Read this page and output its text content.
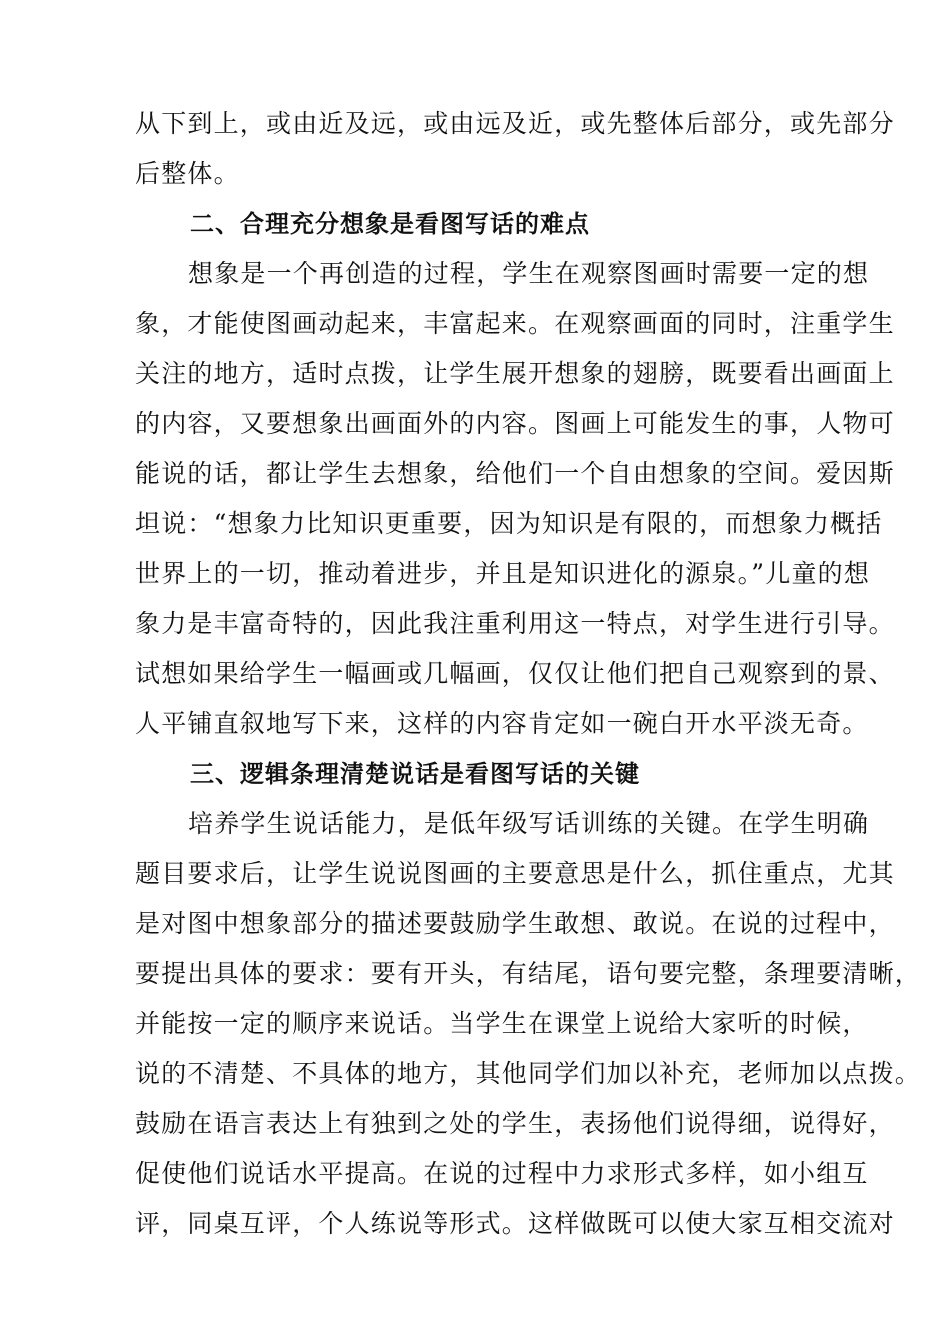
从下到上，或由近及远，或由远及近，或先整体后部分，或先部分
后整体。
二、合理充分想象是看图写话的难点
想象是一个再创造的过程，学生在观察图画时需要一定的想
象，才能使图画动起来，丰富起来。在观察画面的同时，注重学生
关注的地方，适时点拨，让学生展开想象的翅膀，既要看出画面上
的内容，又要想象出画面外的内容。图画上可能发生的事，人物可
能说的话，都让学生去想象，给他们一个自由想象的空间。爱因斯
坦说：“想象力比知识更重要，因为知识是有限的，而想象力概括
世界上的一切，推动着进步，并且是知识进化的源泉。”儿童的想
象力是丰富奇特的，因此我注重利用这一特点，对学生进行引导。
试想如果给学生一幅画或几幅画，仅仅让他们把自己观察到的景、
人平铺直叙地写下来，这样的内容肯定如一碗白开水平淡无奇。
三、逻辑条理清楚说话是看图写话的关键
培养学生说话能力，是低年级写话训练的关键。在学生明确
题目要求后，让学生说说图画的主要意思是什么，抓住重点，尤其
是对图中想象部分的描述要鼓励学生敢想、敢说。在说的过程中，
要提出具体的要求：要有开头，有结尾，语句要完整，条理要清晰，
并能按一定的顺序来说话。当学生在课堂上说给大家听的时候，
说的不清楚、不具体的地方，其他同学们加以补充，老师加以点拨。
鼓励在语言表达上有独到之处的学生，表扬他们说得细，说得好，
促使他们说话水平提高。在说的过程中力求形式多样，如小组互
评，同桌互评，个人练说等形式。这样做既可以使大家互相交流对
